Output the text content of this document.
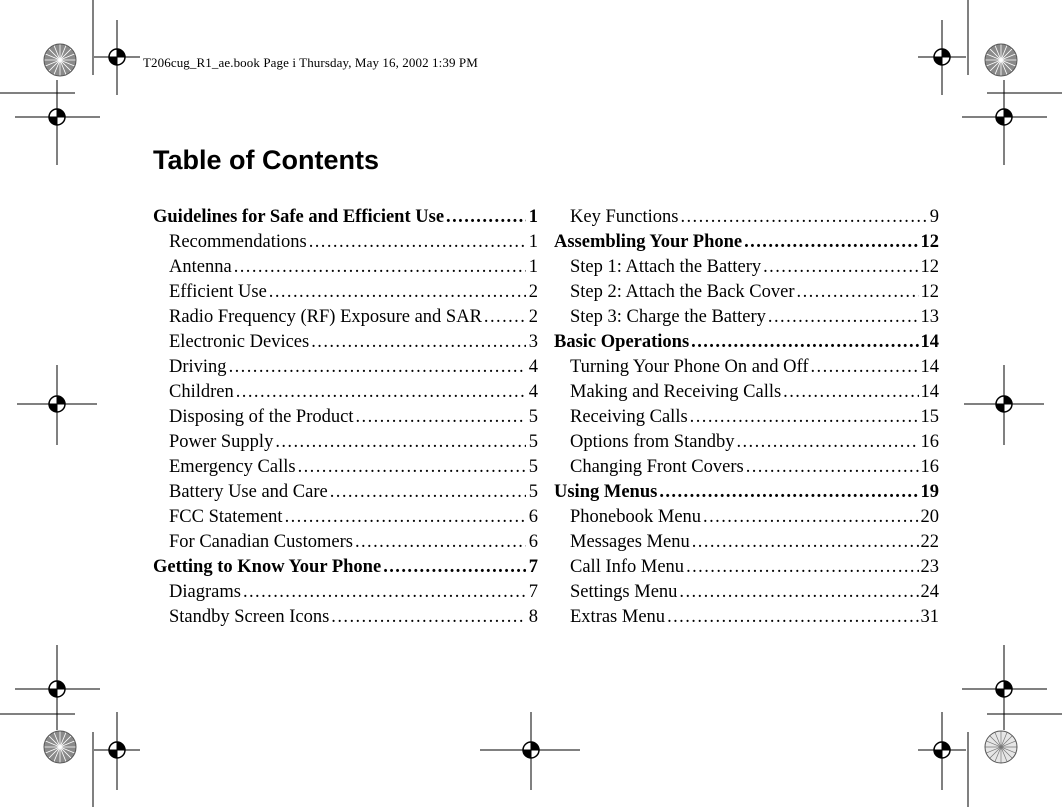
T206cug_R1_ae.book Page i Thursday, May 16, 2002 1:39 PM
Table of Contents
Guidelines for Safe and Efficient Use . . .	1
Recommendations . . .	1
Antenna . . .	1
Efficient Use . . .	2
Radio Frequency (RF) Exposure and SAR . . .	2
Electronic Devices . . .	3
Driving . . .	4
Children . . .	4
Disposing of the Product . . .	5
Power Supply . . .	5
Emergency Calls . . .	5
Battery Use and Care . . .	5
FCC Statement . . .	6
For Canadian Customers . . .	6
Getting to Know Your Phone . . .	7
Diagrams . . .	7
Standby Screen Icons . . .	8
Key Functions . . .	9
Assembling Your Phone . . .	12
Step 1: Attach the Battery . . .	12
Step 2: Attach the Back Cover . . .	12
Step 3: Charge the Battery . . .	13
Basic Operations . . .	14
Turning Your Phone On and Off . . .	14
Making and Receiving Calls . . .	14
Receiving Calls . . .	15
Options from Standby . . .	16
Changing Front Covers . . .	16
Using Menus . . .	19
Phonebook Menu . . .	20
Messages Menu . . .	22
Call Info Menu . . .	23
Settings Menu . . .	24
Extras Menu . . .	31
